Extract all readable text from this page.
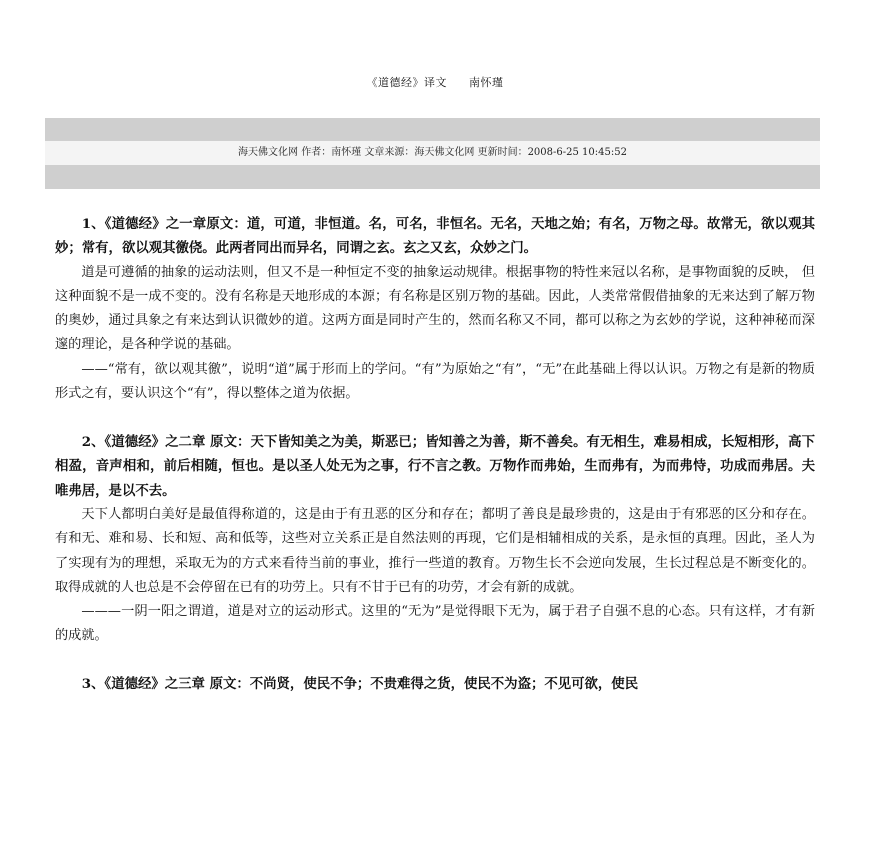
《道德经》译文 南怀瑾
海天佛文化网 作者：南怀瑾 文章来源：海天佛文化网 更新时间：2008-6-25 10:45:52

1、《道德经》之一章原文：道，可道，非恒道。名，可名，非恒名。无名，天地之始；有名，万物之母。故常无，欲以观其妙；常有，欲以观其徼侥。此两者同出而异名，同谓之玄。玄之又玄，众妙之门。

道是可遵循的抽象的运动法则，但又不是一种恒定不变的抽象运动规律。根据事物的特性来冠以名称，是事物面貌的反映， 但这种面貌不是一成不变的。没有名称是天地形成的本源；有名称是区别万物的基础。因此，人类常常假借抽象的无来达到了解万物的奥妙，通过具象之有来达到认识微妙的道。这两方面是同时产生的，然而名称又不同，都可以称之为玄妙的学说，这种神秘而深邃的理论，是各种学说的基础。

——“常有，欲以观其徼”，说明“道”属于形而上的学问。“有”为原始之“有”，“无”在此基础上得以认识。万物之有是新的物质形式之有，要认识这个“有”，得以整体之道为依据。

2、《道德经》之二章 原文：天下皆知美之为美，斯恶已；皆知善之为善，斯不善矣。有无相生，难易相成，长短相形，高下相盈，音声相和，前后相随，恒也。是以圣人处无为之事，行不言之教。万物作而弗始，生而弗有，为而弗恃，功成而弗居。夫唯弗居，是以不去。

天下人都明白美好是最值得称道的，这是由于有丑恶的区分和存在；都明了善良是最珍贵的，这是由于有邪恶的区分和存在。有和无、难和易、长和短、高和低等，这些对立关系正是自然法则的再现，它们是相辅相成的关系，是永恒的真理。因此，圣人为了实现有为的理想，采取无为的方式来看待当前的事业，推行一些道的教育。万物生长不会逆向发展，生长过程总是不断变化的。取得成就的人也总是不会停留在已有的功劳上。只有不甘于已有的功劳，才会有新的成就。

———一阴一阳之谓道，道是对立的运动形式。这里的“无为”是觉得眼下无为，属于君子自强不息的心态。只有这样，才有新的成就。

3、《道德经》之三章 原文：不尚贤，使民不争；不贵难得之货，使民不为盗；不见可欲，使民
